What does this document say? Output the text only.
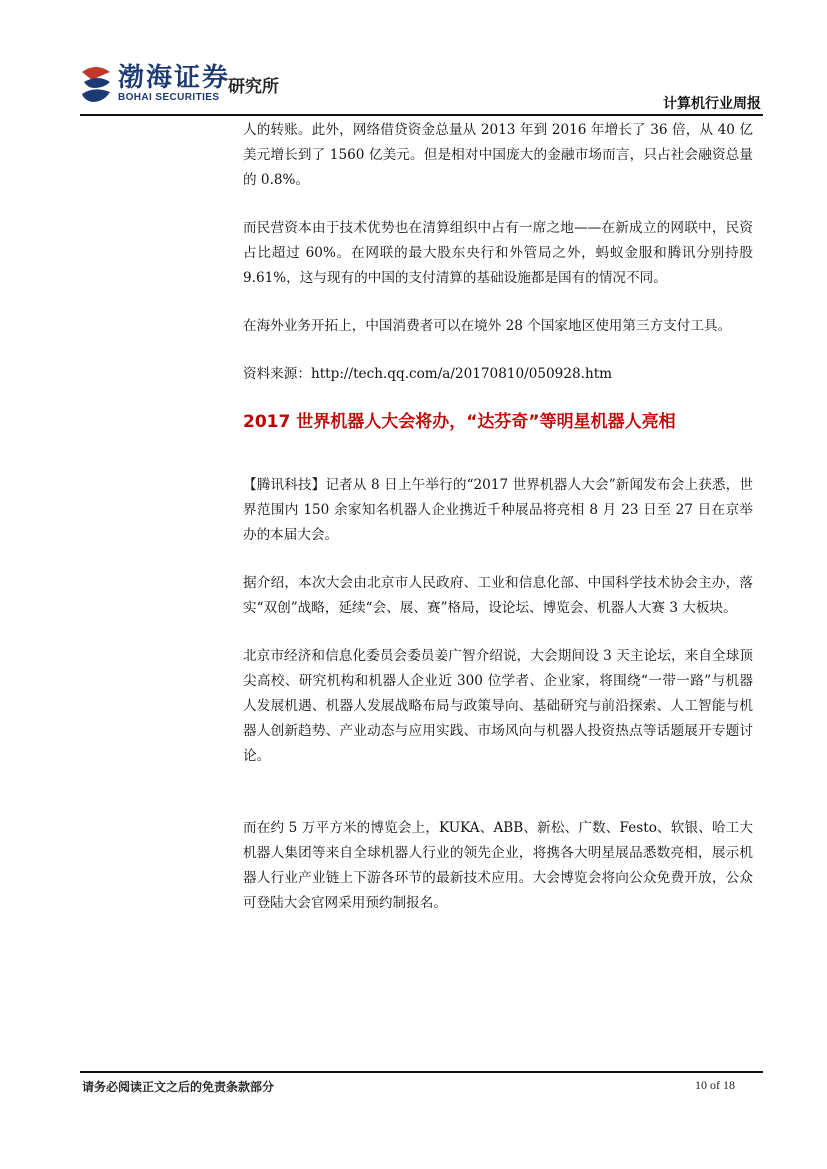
渤海证券
BOHAI SECURITIES
研究所
计算机行业周报

人的转账。此外，网络借贷资金总量从 2013 年到 2016 年增长了 36 倍，从 40 亿美元增长到了 1560 亿美元。但是相对中国庞大的金融市场而言，只占社会融资总量的 0.8%。

而民营资本由于技术优势也在清算组织中占有一席之地——在新成立的网联中，民资占比超过 60%。在网联的最大股东央行和外管局之外，蚂蚁金服和腾讯分别持股 9.61%，这与现有的中国的支付清算的基础设施都是国有的情况不同。

在海外业务开拓上，中国消费者可以在境外 28 个国家地区使用第三方支付工具。

资料来源：http://tech.qq.com/a/20170810/050928.htm

2017 世界机器人大会将办，“达芬奇”等明星机器人亮相

【腾讯科技】记者从 8 日上午举行的“2017 世界机器人大会”新闻发布会上获悉，世界范围内 150 余家知名机器人企业携近千种展品将亮相 8 月 23 日至 27 日在京举办的本届大会。

据介绍，本次大会由北京市人民政府、工业和信息化部、中国科学技术协会主办，落实“双创”战略，延续“会、展、赛”格局，设论坛、博览会、机器人大赛 3 大板块。

北京市经济和信息化委员会委员姜广智介绍说，大会期间设 3 天主论坛，来自全球顶尖高校、研究机构和机器人企业近 300 位学者、企业家，将围绕“一带一路”与机器人发展机遇、机器人发展战略布局与政策导向、基础研究与前沿探索、人工智能与机器人创新趋势、产业动态与应用实践、市场风向与机器人投资热点等话题展开专题讨论。

而在约 5 万平方米的博览会上，KUKA、ABB、新松、广数、Festo、软银、哈工大机器人集团等来自全球机器人行业的领先企业，将携各大明星展品悉数亮相，展示机器人行业产业链上下游各环节的最新技术应用。大会博览会将向公众免费开放，公众可登陆大会官网采用预约制报名。

请务必阅读正文之后的免责条款部分	10 of 18
